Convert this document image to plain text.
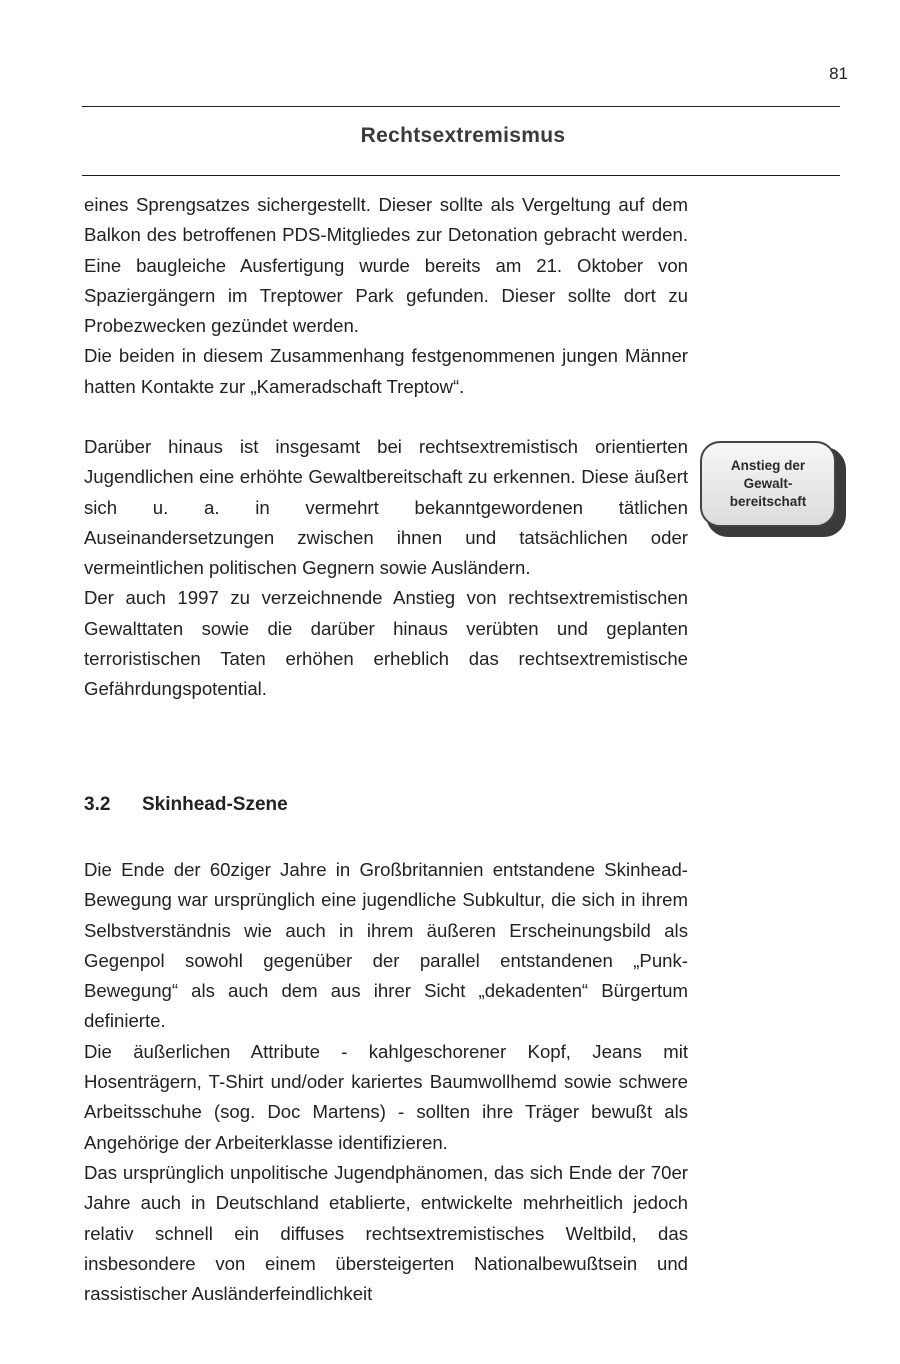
81
Rechtsextremismus

eines Sprengsatzes sichergestellt. Dieser sollte als Vergeltung auf dem Balkon des betroffenen PDS-Mitgliedes zur Detonation gebracht werden. Eine baugleiche Ausfertigung wurde bereits am 21. Oktober von Spaziergängern im Treptower Park gefunden. Dieser sollte dort zu Probezwecken gezündet werden.

Die beiden in diesem Zusammenhang festgenommenen jungen Männer hatten Kontakte zur „Kameradschaft Treptow“.

Darüber hinaus ist insgesamt bei rechtsextremistisch orientierten Jugendlichen eine erhöhte Gewaltbereitschaft zu erkennen. Diese äußert sich u. a. in vermehrt bekanntgewordenen tätlichen Auseinandersetzungen zwischen ihnen und tatsächlichen oder vermeintlichen politischen Gegnern sowie Ausländern.

Der auch 1997 zu verzeichnende Anstieg von rechtsextremistischen Gewalttaten sowie die darüber hinaus verübten und geplanten terroristischen Taten erhöhen erheblich das rechtsextremistische Gefährdungspotential.

Anstieg der
Gewalt-
bereitschaft
3.2 Skinhead-Szene

Die Ende der 60ziger Jahre in Großbritannien entstandene Skinhead-Bewegung war ursprünglich eine jugendliche Subkultur, die sich in ihrem Selbstverständnis wie auch in ihrem äußeren Erscheinungsbild als Gegenpol sowohl gegenüber der parallel entstandenen „Punk-Bewegung“ als auch dem aus ihrer Sicht „dekadenten“ Bürgertum definierte.

Die äußerlichen Attribute - kahlgeschorener Kopf, Jeans mit Hosenträgern, T-Shirt und/oder kariertes Baumwollhemd sowie schwere Arbeitsschuhe (sog. Doc Martens) - sollten ihre Träger bewußt als Angehörige der Arbeiterklasse identifizieren.

Das ursprünglich unpolitische Jugendphänomen, das sich Ende der 70er Jahre auch in Deutschland etablierte, entwickelte mehrheitlich jedoch relativ schnell ein diffuses rechtsextremistisches Weltbild, das insbesondere von einem übersteigerten Nationalbewußtsein und rassistischer Ausländerfeindlichkeit
